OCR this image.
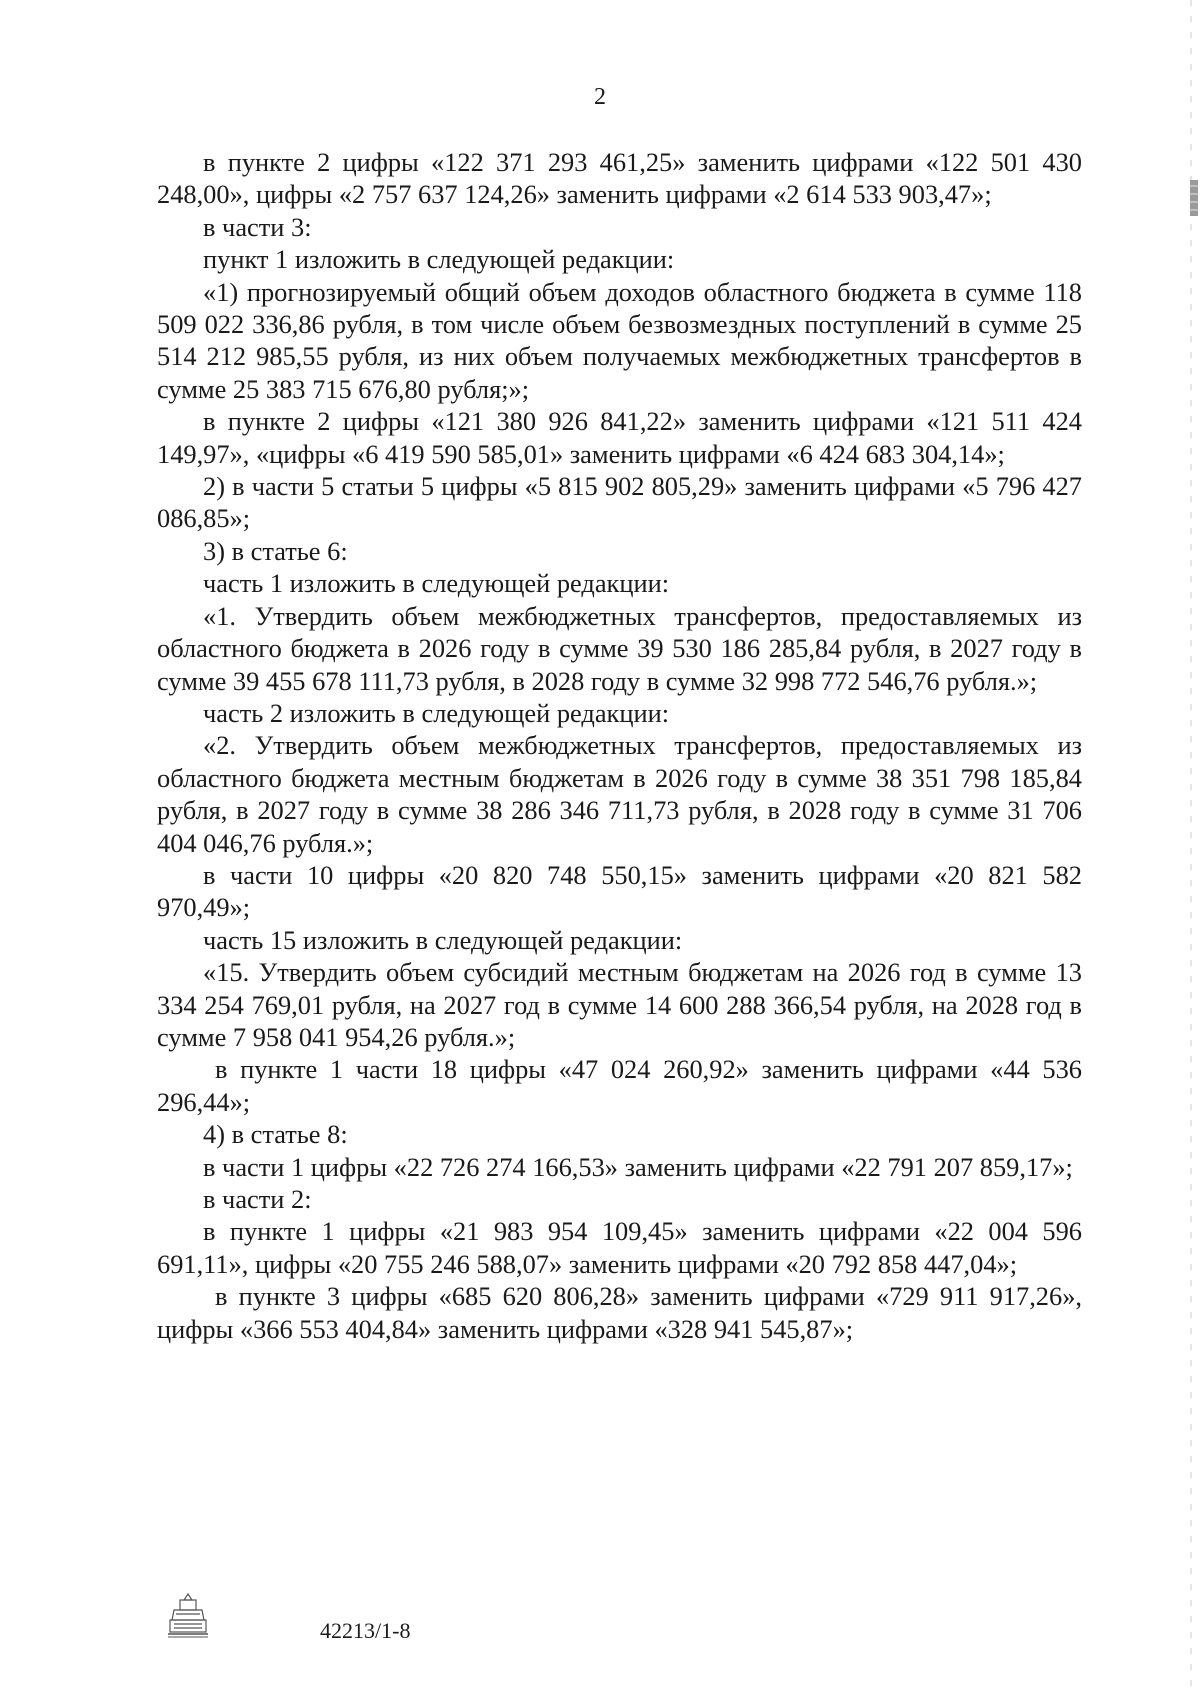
2

в пункте 2 цифры «122 371 293 461,25» заменить цифрами «122 501 430 248,00», цифры «2 757 637 124,26» заменить цифрами «2 614 533 903,47»;

в части 3:

пункт 1 изложить в следующей редакции:

«1) прогнозируемый общий объем доходов областного бюджета в сумме 118 509 022 336,86 рубля, в том числе объем безвозмездных поступлений в сумме 25 514 212 985,55 рубля, из них объем получаемых межбюджетных трансфертов в сумме 25 383 715 676,80 рубля;»;

в пункте 2 цифры «121 380 926 841,22» заменить цифрами «121 511 424 149,97», «цифры «6 419 590 585,01» заменить цифрами «6 424 683 304,14»;

2) в части 5 статьи 5 цифры «5 815 902 805,29» заменить цифрами «5 796 427 086,85»;

3) в статье 6:

часть 1 изложить в следующей редакции:

«1. Утвердить объем межбюджетных трансфертов, предоставляемых из областного бюджета в 2026 году в сумме 39 530 186 285,84 рубля, в 2027 году в сумме 39 455 678 111,73 рубля, в 2028 году в сумме 32 998 772 546,76 рубля.»;

часть 2 изложить в следующей редакции:

«2. Утвердить объем межбюджетных трансфертов, предоставляемых из областного бюджета местным бюджетам в 2026 году в сумме 38 351 798 185,84 рубля, в 2027 году в сумме 38 286 346 711,73 рубля, в 2028 году в сумме 31 706 404 046,76 рубля.»;

в части 10 цифры «20 820 748 550,15» заменить цифрами «20 821 582 970,49»;

часть 15 изложить в следующей редакции:

«15. Утвердить объем субсидий местным бюджетам на 2026 год в сумме 13 334 254 769,01 рубля, на 2027 год в сумме 14 600 288 366,54 рубля, на 2028 год в сумме 7 958 041 954,26 рубля.»;

в пункте 1 части 18 цифры «47 024 260,92» заменить цифрами «44 536 296,44»;

4) в статье 8:

в части 1 цифры «22 726 274 166,53» заменить цифрами «22 791 207 859,17»;

в части 2:

в пункте 1 цифры «21 983 954 109,45» заменить цифрами «22 004 596 691,11», цифры «20 755 246 588,07» заменить цифрами «20 792 858 447,04»;

в пункте 3 цифры «685 620 806,28» заменить цифрами «729 911 917,26», цифры «366 553 404,84» заменить цифрами «328 941 545,87»;

42213/1-8
